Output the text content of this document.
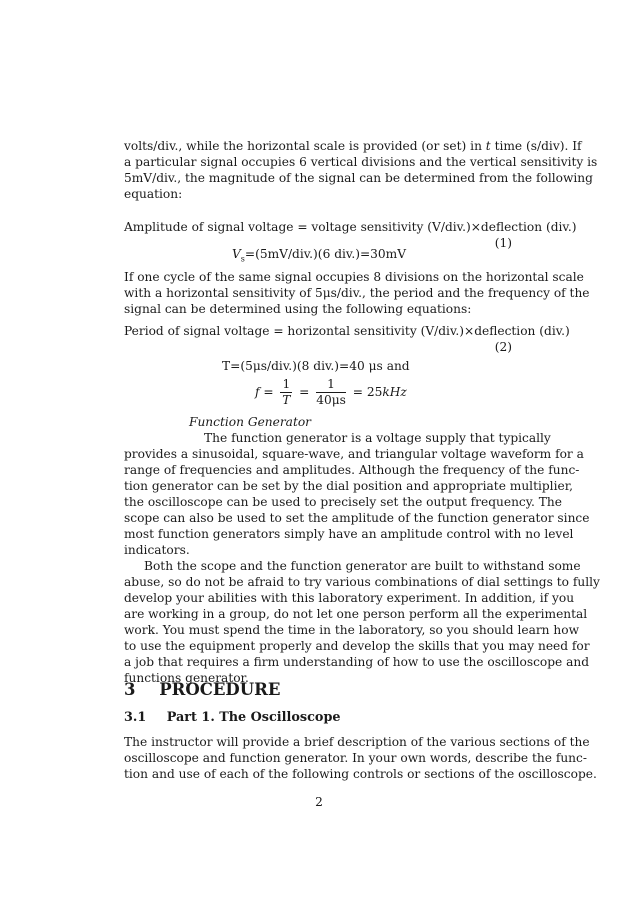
volts/div., while the horizontal scale is provided (or set) in t time (s/div). If
a particular signal occupies 6 vertical divisions and the vertical sensitivity is
5mV/div., the magnitude of the signal can be determined from the following
equation:
Amplitude of signal voltage = voltage sensitivity (V/div.)×deflection (div.)
(1)
$V_s=(5mV/div.)(6$ div.)=30mV
If one cycle of the same signal occupies 8 divisions on the horizontal scale
with a horizontal sensitivity of 5μs/div., the period and the frequency of the
signal can be determined using the following equations:
Period of signal voltage = horizontal sensitivity (V/div.)×deflection (div.)
(2)
T=(5μs/div.)(8 div.)=40 μs and
$f = \frac{1}{T} = \frac{1}{40\mu s} = 25kHz$
Function Generator
The function generator is a voltage supply that typically
provides a sinusoidal, square-wave, and triangular voltage waveform for a
range of frequencies and amplitudes. Although the frequency of the func-
tion generator can be set by the dial position and appropriate multiplier,
the oscilloscope can be used to precisely set the output frequency. The
scope can also be used to set the amplitude of the function generator since
most function generators simply have an amplitude control with no level
indicators.
Both the scope and the function generator are built to withstand some
abuse, so do not be afraid to try various combinations of dial settings to fully
develop your abilities with this laboratory experiment. In addition, if you
are working in a group, do not let one person perform all the experimental
work. You must spend the time in the laboratory, so you should learn how
to use the equipment properly and develop the skills that you may need for
a job that requires a firm understanding of how to use the oscilloscope and
functions generator.
3 PROCEDURE
3.1 Part 1. The Oscilloscope
The instructor will provide a brief description of the various sections of the
oscilloscope and function generator. In your own words, describe the func-
tion and use of each of the following controls or sections of the oscilloscope.
2
